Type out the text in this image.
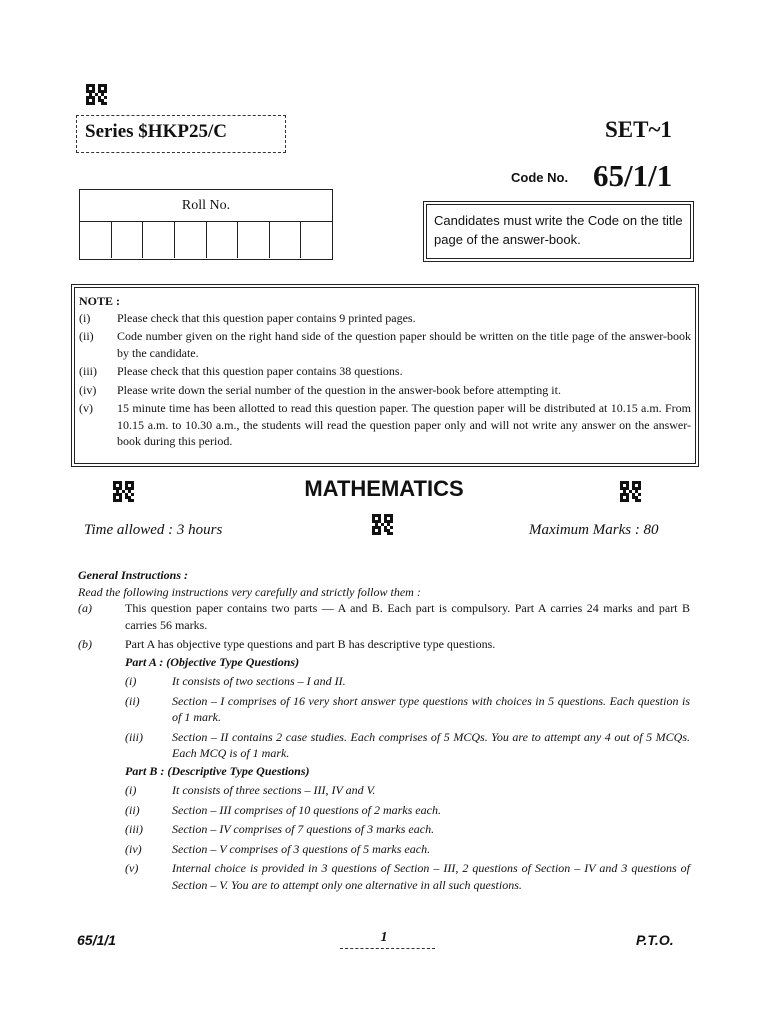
Series $HKP25/C	SET~1
Code No. 65/1/1
Roll No.
Candidates must write the Code on the title page of the answer-book.
NOTE :
(i)	Please check that this question paper contains 9 printed pages.
(ii)	Code number given on the right hand side of the question paper should be written on the title page of the answer-book by the candidate.
(iii)	Please check that this question paper contains 38 questions.
(iv)	Please write down the serial number of the question in the answer-book before attempting it.
(v)	15 minute time has been allotted to read this question paper. The question paper will be distributed at 10.15 a.m. From 10.15 a.m. to 10.30 a.m., the students will read the question paper only and will not write any answer on the answer-book during this period.
MATHEMATICS
Time allowed : 3 hours	Maximum Marks : 80
General Instructions :
Read the following instructions very carefully and strictly follow them :
(a)	This question paper contains two parts — A and B. Each part is compulsory. Part A carries 24 marks and part B carries 56 marks.
(b)	Part A has objective type questions and part B has descriptive type questions.
Part A : (Objective Type Questions)
(i)	It consists of two sections – I and II.
(ii)	Section – I comprises of 16 very short answer type questions with choices in 5 questions. Each question is of 1 mark.
(iii)	Section – II contains 2 case studies. Each comprises of 5 MCQs. You are to attempt any 4 out of 5 MCQs. Each MCQ is of 1 mark.
Part B : (Descriptive Type Questions)
(i)	It consists of three sections – III, IV and V.
(ii)	Section – III comprises of 10 questions of 2 marks each.
(iii)	Section – IV comprises of 7 questions of 3 marks each.
(iv)	Section – V comprises of 3 questions of 5 marks each.
(v)	Internal choice is provided in 3 questions of Section – III, 2 questions of Section – IV and 3 questions of Section – V. You are to attempt only one alternative in all such questions.
65/1/1	1	P.T.O.
